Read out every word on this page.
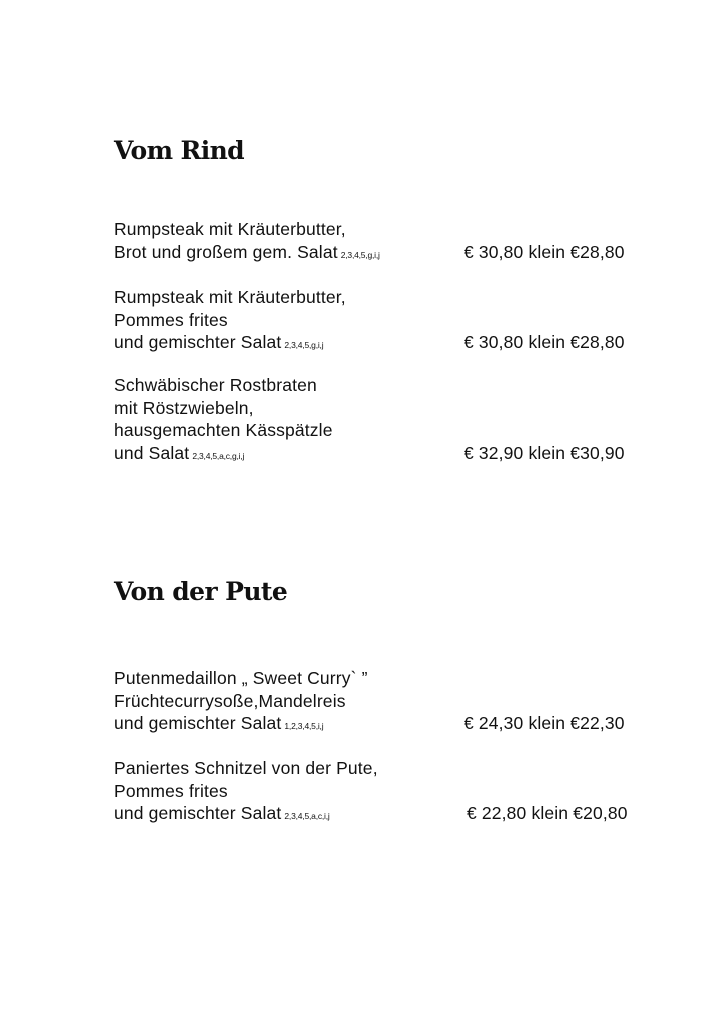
Vom Rind
Rumpsteak mit Kräuterbutter,
Brot und großem gem. Salat 2,3,4,5,g,i,j	€ 30,80 klein €28,80
Rumpsteak mit Kräuterbutter,
Pommes frites
und gemischter Salat 2,3,4,5,g,i,j	€ 30,80 klein €28,80
Schwäbischer Rostbraten
mit Röstzwiebeln,
hausgemachten Kässpätzle
und Salat 2,3,4,5,a,c,g,i,j	€ 32,90 klein €30,90
Von der Pute
Putenmedaillon „ Sweet Curry` ”
Früchtecurrysoße,Mandelreis
und gemischter Salat 1,2,3,4,5,i,j	€ 24,30 klein €22,30
Paniertes Schnitzel von der Pute,
Pommes frites
und gemischter Salat 2,3,4,5,a,c,i,j	€ 22,80 klein €20,80
